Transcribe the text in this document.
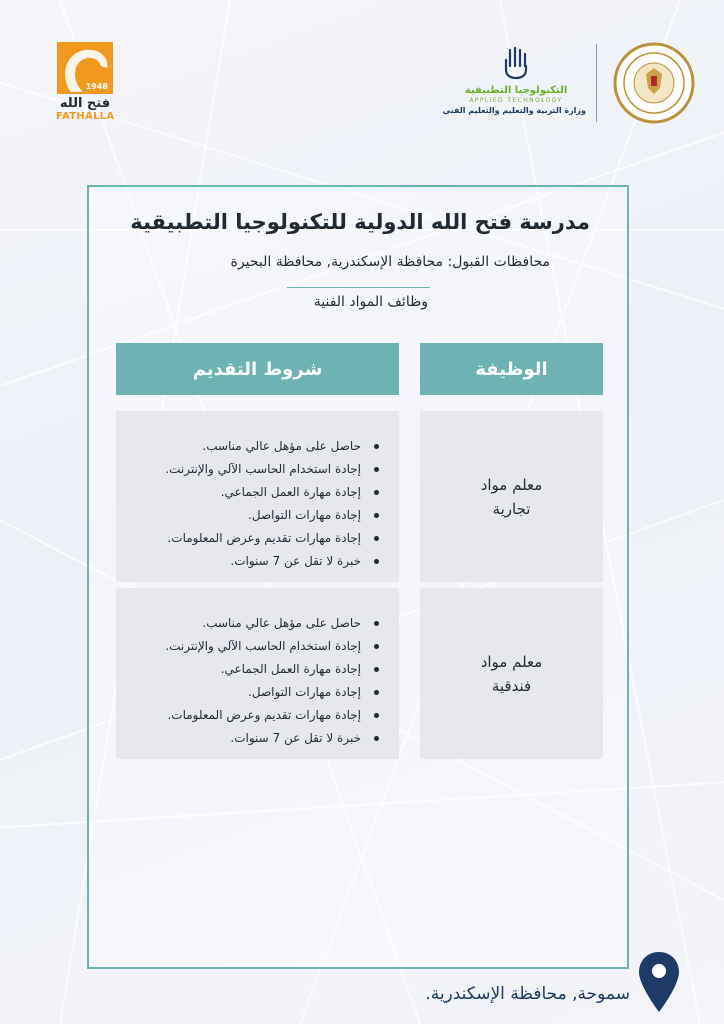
1948
فتح الله
FATHALLA
التكنولوجيا التطبيقية
APPLIED TECHNOLOGY
وزارة التربية والتعليم والتعليم الفني
مدرسة فتح الله الدولية للتكنولوجيا التطبيقية
محافظات القبول: محافظة الإسكندرية, محافظة البحيرة
وظائف المواد الفنية
الوظيفة
شروط التقديم
معلم مواد تجارية
حاصل على مؤهل عالي مناسب.
إجادة استخدام الحاسب الآلي والإنترنت.
إجادة مهارة العمل الجماعي.
إجادة مهارات التواصل.
إجادة مهارات تقديم وعرض المعلومات.
خبرة لا تقل عن 7 سنوات.
معلم مواد فندقية
حاصل على مؤهل عالي مناسب.
إجادة استخدام الحاسب الآلي والإنترنت.
إجادة مهارة العمل الجماعي.
إجادة مهارات التواصل.
إجادة مهارات تقديم وعرض المعلومات.
خبرة لا تقل عن 7 سنوات.
سموحة, محافظة الإسكندرية.
